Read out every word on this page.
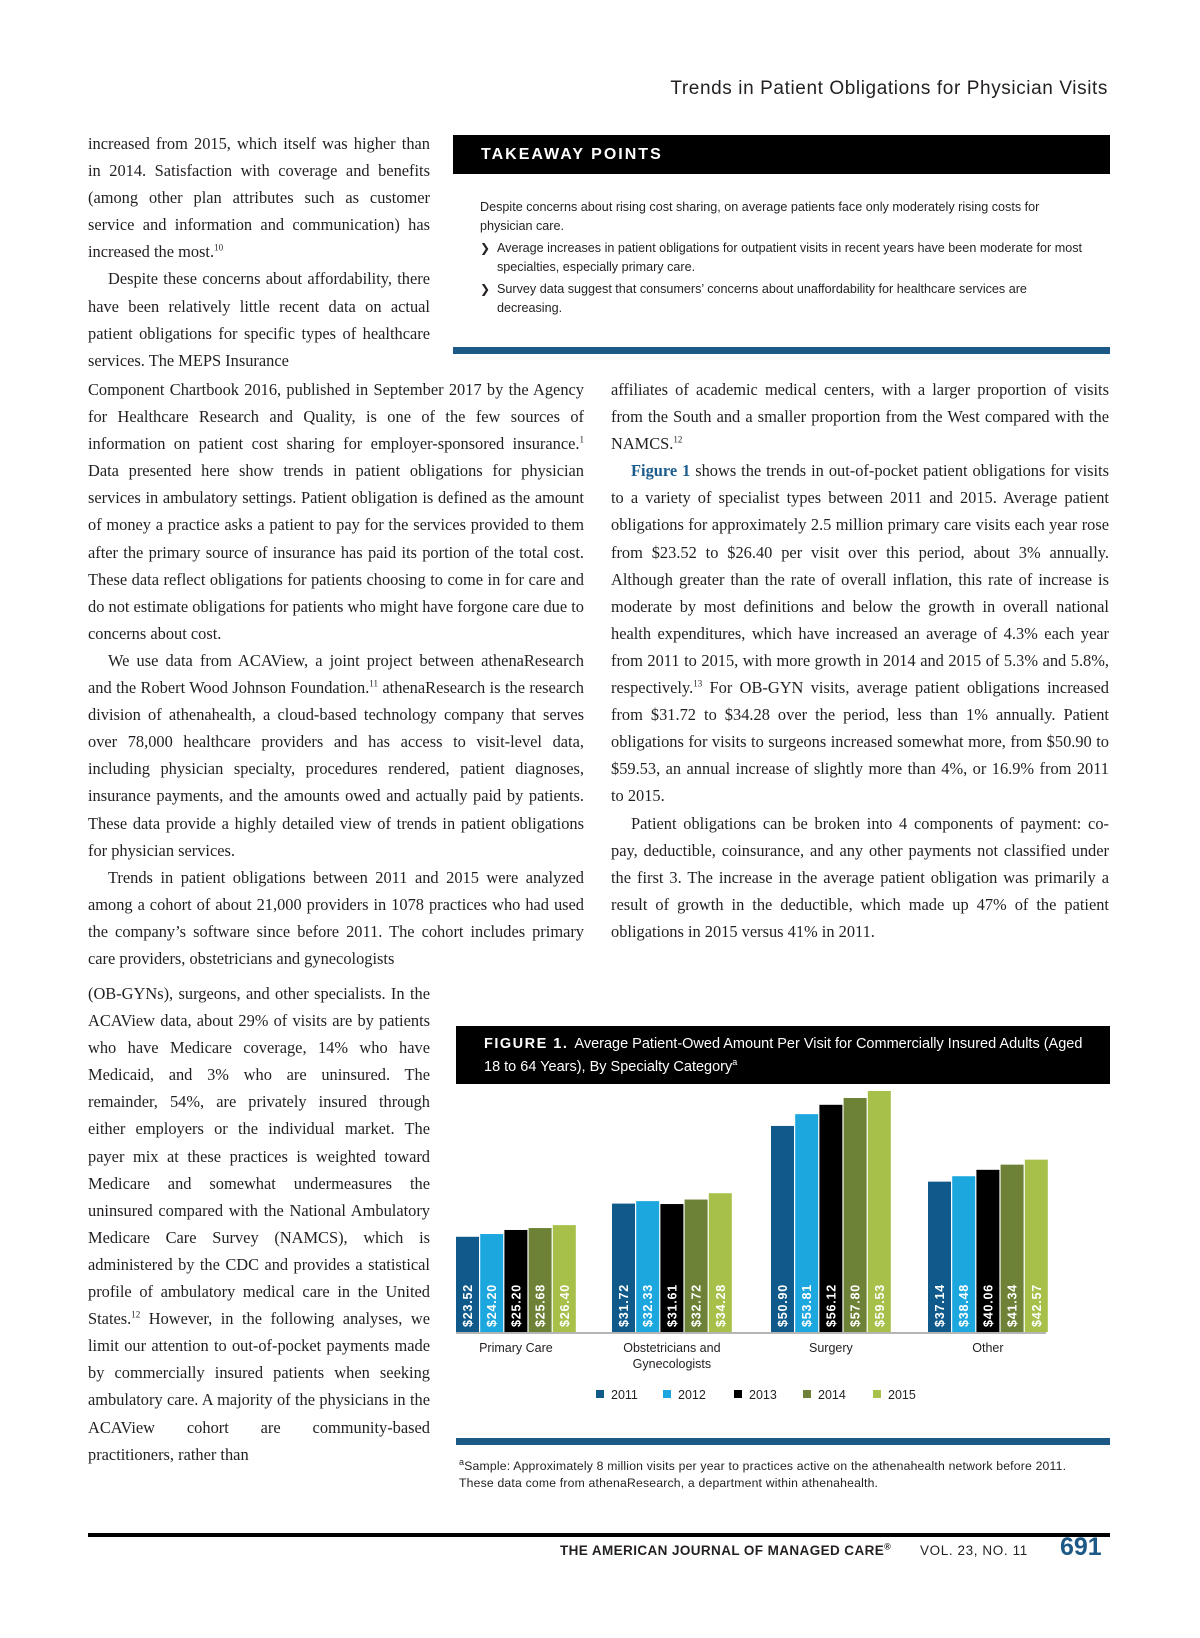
Trends in Patient Obligations for Physician Visits

increased from 2015, which itself was higher than in 2014. Satisfaction with coverage and benefits (among other plan attributes such as customer service and information and communication) has increased the most.$^{10}$

Despite these concerns about affordability, there have been relatively little recent data on actual patient obligations for specific types of healthcare services. The MEPS Insurance

TAKEAWAY POINTS

Despite concerns about rising cost sharing, on average patients face only moderately rising costs for physician care.

❯ Average increases in patient obligations for outpatient visits in recent years have been moderate for most specialties, especially primary care.
❯ Survey data suggest that consumers’ concerns about unaffordability for healthcare services are decreasing.

Component Chartbook 2016, published in September 2017 by the Agency for Healthcare Research and Quality, is one of the few sources of information on patient cost sharing for employer-sponsored insurance.$^1$ Data presented here show trends in patient obligations for physician services in ambulatory settings. Patient obligation is defined as the amount of money a practice asks a patient to pay for the services provided to them after the primary source of insurance has paid its portion of the total cost. These data reflect obligations for patients choosing to come in for care and do not estimate obligations for patients who might have forgone care due to concerns about cost.

We use data from ACAView, a joint project between athenaResearch and the Robert Wood Johnson Foundation.$^{11}$ athenaResearch is the research division of athenahealth, a cloud-based technology company that serves over 78,000 healthcare providers and has access to visit-level data, including physician specialty, procedures rendered, patient diagnoses, insurance payments, and the amounts owed and actually paid by patients. These data provide a highly detailed view of trends in patient obligations for physician services.

Trends in patient obligations between 2011 and 2015 were analyzed among a cohort of about 21,000 providers in 1078 practices who had used the company’s software since before 2011. The cohort includes primary care providers, obstetricians and gynecologists

(OB-GYNs), surgeons, and other specialists. In the ACAView data, about 29% of visits are by patients who have Medicare coverage, 14% who have Medicaid, and 3% who are uninsured. The remainder, 54%, are privately insured through either employers or the individual market. The payer mix at these practices is weighted toward Medicare and somewhat undermeasures the uninsured compared with the National Ambulatory Medicare Care Survey (NAMCS), which is administered by the CDC and provides a statistical profile of ambulatory medical care in the United States.$^{12}$ However, in the following analyses, we limit our attention to out-of-pocket payments made by commercially insured patients when seeking ambulatory care. A majority of the physicians in the ACAView cohort are community-based practitioners, rather than

affiliates of academic medical centers, with a larger proportion of visits from the South and a smaller proportion from the West compared with the NAMCS.$^{12}$

Figure 1 shows the trends in out-of-pocket patient obligations for visits to a variety of specialist types between 2011 and 2015. Average patient obligations for approximately 2.5 million primary care visits each year rose from $23.52 to $26.40 per visit over this period, about 3% annually. Although greater than the rate of overall inflation, this rate of increase is moderate by most definitions and below the growth in overall national health expenditures, which have increased an average of 4.3% each year from 2011 to 2015, with more growth in 2014 and 2015 of 5.3% and 5.8%, respectively.$^{13}$ For OB-GYN visits, average patient obligations increased from $31.72 to $34.28 over the period, less than 1% annually. Patient obligations for visits to surgeons increased somewhat more, from $50.90 to $59.53, an annual increase of slightly more than 4%, or 16.9% from 2011 to 2015.

Patient obligations can be broken into 4 components of payment: co-pay, deductible, coinsurance, and any other payments not classified under the first 3. The increase in the average patient obligation was primarily a result of growth in the deductible, which made up 47% of the patient obligations in 2015 versus 41% in 2011.

FIGURE 1. Average Patient-Owed Amount Per Visit for Commercially Insured Adults (Aged 18 to 64 Years), By Specialty Category$^a$
$23.52 $24.20 $25.20 $25.68 $26.40
Primary Care
$31.72 $32.33 $31.61 $32.72 $34.28
Obstetricians and
Gynecologists
$50.90 $53.81 $56.12 $57.80 $59.53
Surgery
$37.14 $38.48 $40.06 $41.34 $42.57
Other
2011	2012	2013	2014	2015
$^a$Sample: Approximately 8 million visits per year to practices active on the athenahealth network before 2011. These data come from athenaResearch, a department within athenahealth.
THE AMERICAN JOURNAL OF MANAGED CARE® VOL. 23, NO. 11 691
